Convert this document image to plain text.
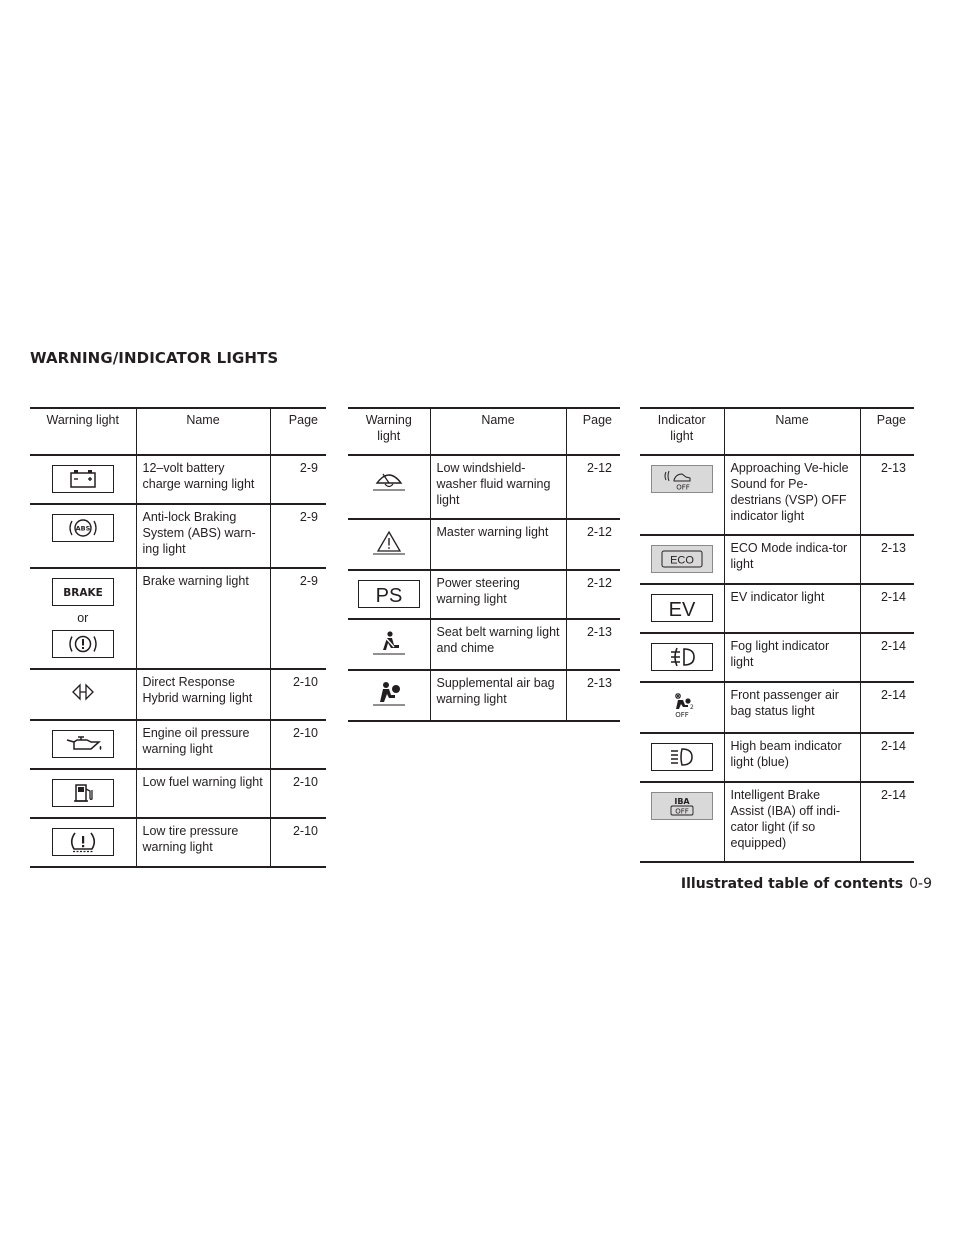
WARNING/INDICATOR LIGHTS
Warning light	Name	Page

	12–volt battery charge warning light	2-9

ABS	Anti-lock Braking System (ABS) warn-ing light	2-9

BRAKE
or	Brake warning light	2-9

	Direct Response Hybrid warning light	2-10

	Engine oil pressure warning light	2-10

	Low fuel warning light	2-10

	Low tire pressure warning light	2-10
Warning light	Name	Page

	Low windshield-washer fluid warning light	2-12

	Master warning light	2-12

PS	Power steering warning light	2-12

	Seat belt warning light and chime	2-13

	Supplemental air bag warning light	2-13
Indicator light	Name	Page

OFF	Approaching Ve-hicle Sound for Pe-destrians (VSP) OFF indicator light	2-13

ECO	ECO Mode indica-tor light	2-13

EV	EV indicator light	2-14

	Fog light indicator light	2-14

2
OFF	Front passenger air bag status light	2-14

	High beam indicator light (blue)	2-14

IBA
OFF	Intelligent Brake Assist (IBA) off indi-cator light (if so equipped)	2-14
Illustrated table of contents 0-9
